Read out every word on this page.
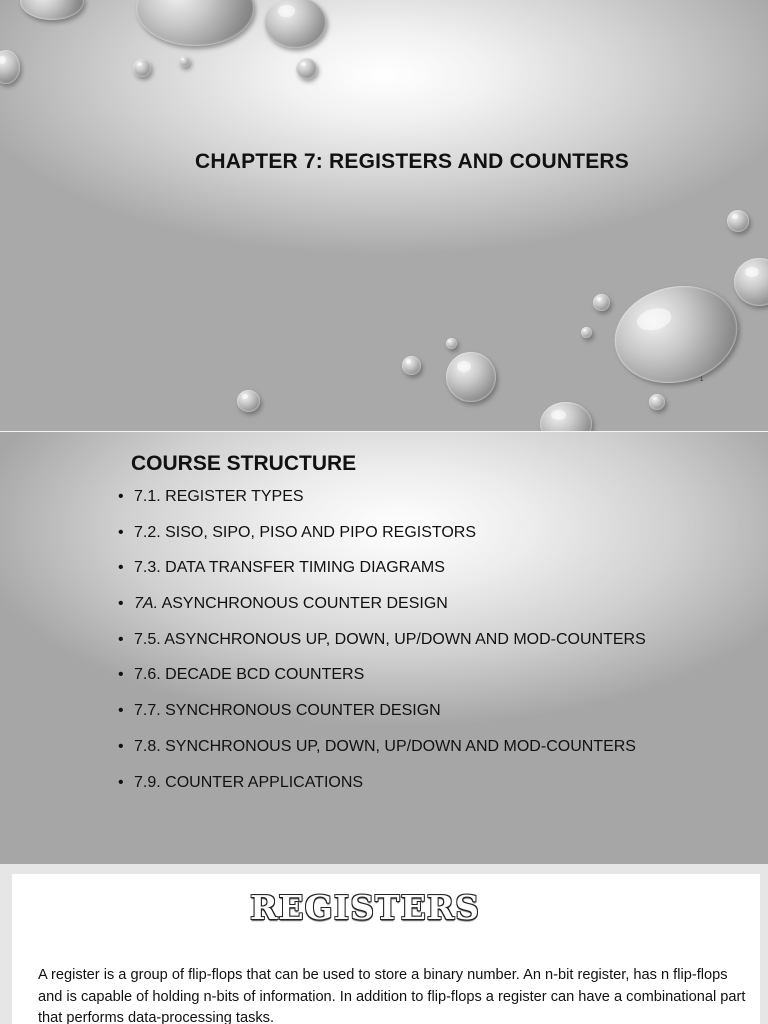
CHAPTER 7: REGISTERS AND COUNTERS
1
COURSE STRUCTURE
• 7.1. REGISTER TYPES
• 7.2. SISO, SIPO, PISO AND PIPO REGISTORS
• 7.3. DATA TRANSFER TIMING DIAGRAMS
• 7A. ASYNCHRONOUS COUNTER DESIGN
• 7.5. ASYNCHRONOUS UP, DOWN, UP/DOWN AND MOD-COUNTERS
• 7.6. DECADE BCD COUNTERS
• 7.7. SYNCHRONOUS COUNTER DESIGN
• 7.8. SYNCHRONOUS UP, DOWN, UP/DOWN AND MOD-COUNTERS
• 7.9. COUNTER APPLICATIONS
REGISTERS
A register is a group of flip-flops that can be used to store a binary number. An n-bit register, has n flip-flops and is capable of holding n-bits of information. In addition to flip-flops a register can have a combinational part that performs data-processing tasks.
